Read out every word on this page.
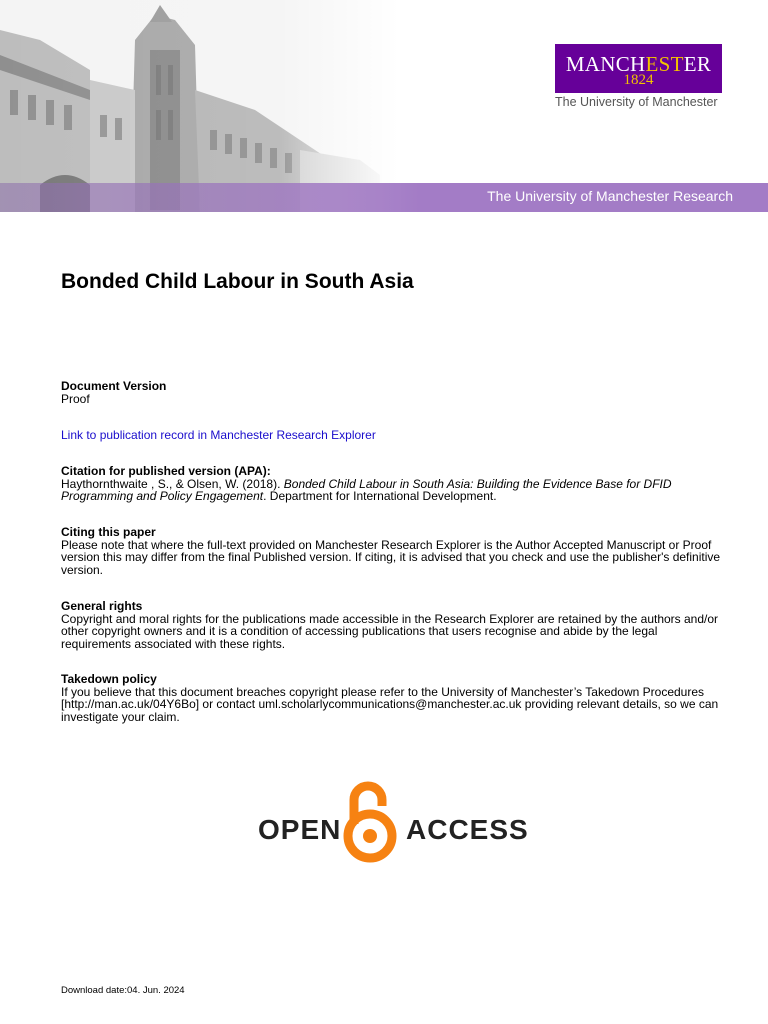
The University of Manchester Research
MANCHESTER
1824
The University of Manchester
Bonded Child Labour in South Asia
Document Version
Proof
Link to publication record in Manchester Research Explorer
Citation for published version (APA):
Haythornthwaite , S., & Olsen, W. (2018). Bonded Child Labour in South Asia: Building the Evidence Base for DFID Programming and Policy Engagement. Department for International Development.
Citing this paper
Please note that where the full-text provided on Manchester Research Explorer is the Author Accepted Manuscript or Proof version this may differ from the final Published version. If citing, it is advised that you check and use the publisher's definitive version.
General rights
Copyright and moral rights for the publications made accessible in the Research Explorer are retained by the authors and/or other copyright owners and it is a condition of accessing publications that users recognise and abide by the legal requirements associated with these rights.
Takedown policy
If you believe that this document breaches copyright please refer to the University of Manchester’s Takedown Procedures [http://man.ac.uk/04Y6Bo] or contact uml.scholarlycommunications@manchester.ac.uk providing relevant details, so we can investigate your claim.
OPEN ACCESS
Download date:04. Jun. 2024
